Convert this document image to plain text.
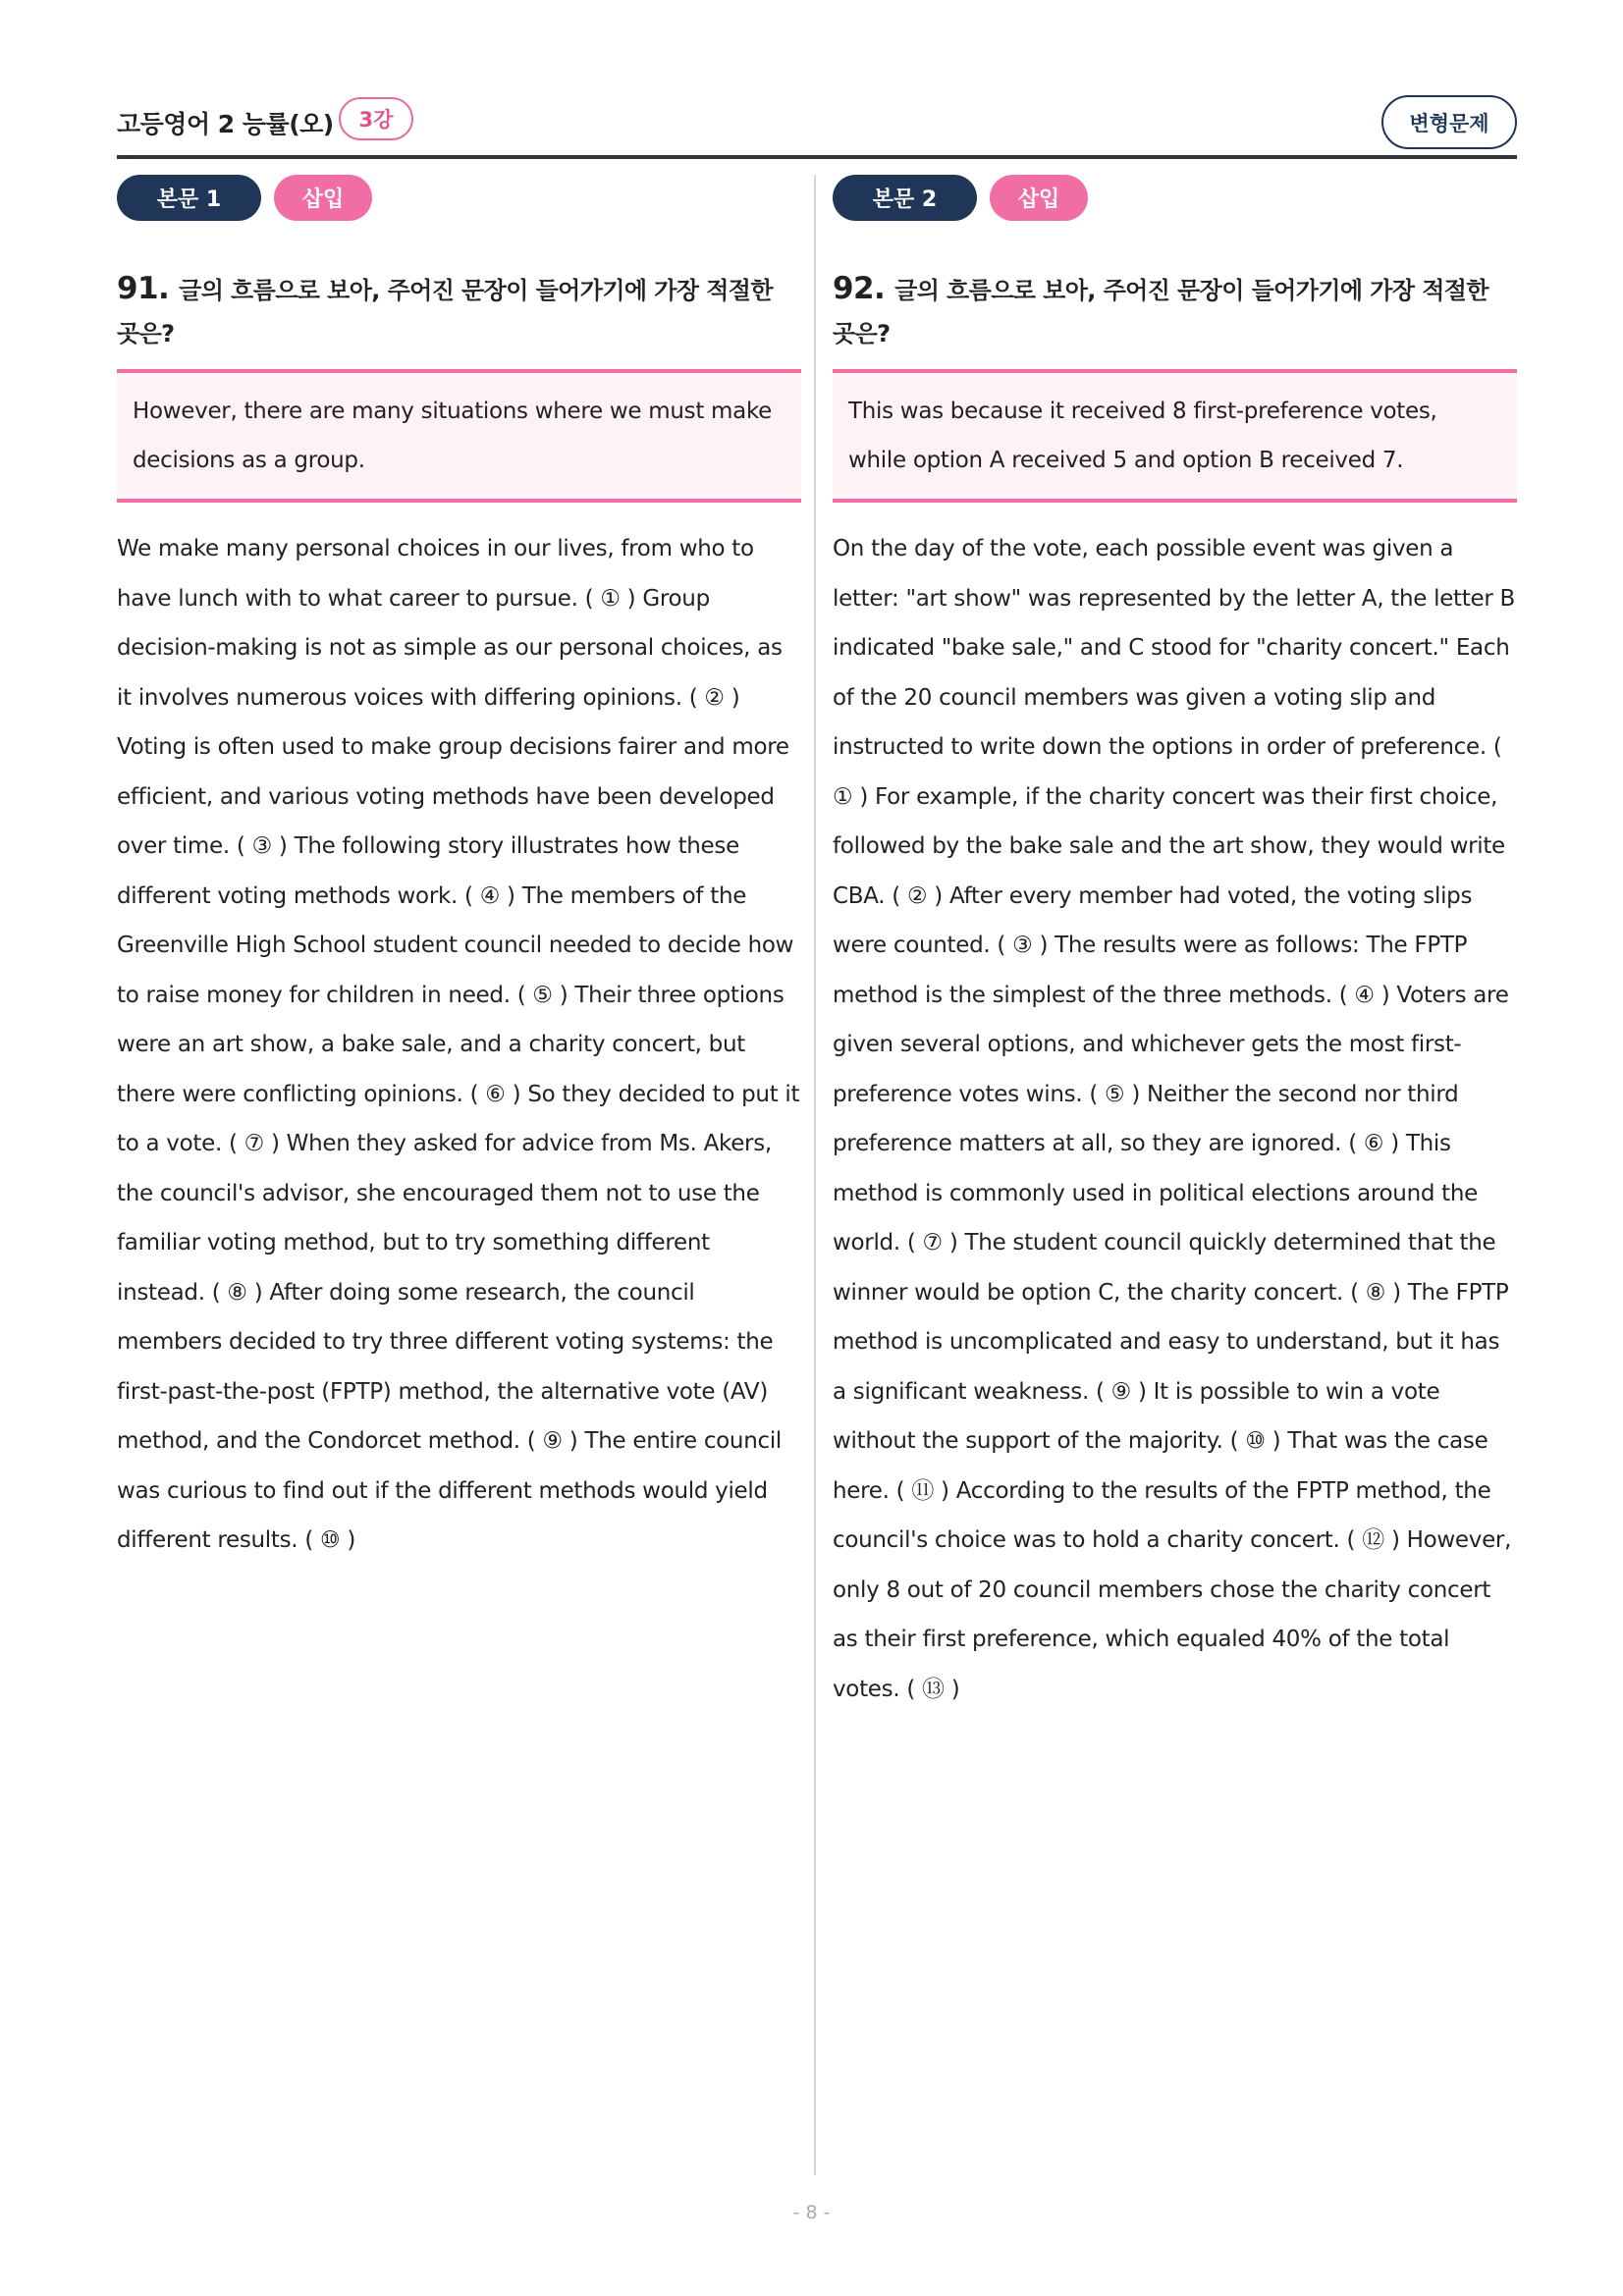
고등영어 2 능률(오)	3강	변형문제
본문 1	삽입
91. 글의 흐름으로 보아, 주어진 문장이 들어가기에 가장 적절한 곳은?
However, there are many situations where we must make decisions as a group.
We make many personal choices in our lives, from who to have lunch with to what career to pursue. ( ① ) Group decision-making is not as simple as our personal choices, as it involves numerous voices with differing opinions. ( ② ) Voting is often used to make group decisions fairer and more efficient, and various voting methods have been developed over time. ( ③ ) The following story illustrates how these different voting methods work. ( ④ ) The members of the Greenville High School student council needed to decide how to raise money for children in need. ( ⑤ ) Their three options were an art show, a bake sale, and a charity concert, but there were conflicting opinions. ( ⑥ ) So they decided to put it to a vote. ( ⑦ ) When they asked for advice from Ms. Akers, the council's advisor, she encouraged them not to use the familiar voting method, but to try something different instead. ( ⑧ ) After doing some research, the council members decided to try three different voting systems: the first-past-the-post (FPTP) method, the alternative vote (AV) method, and the Condorcet method. ( ⑨ ) The entire council was curious to find out if the different methods would yield different results. ( ⑩ )
본문 2	삽입
92. 글의 흐름으로 보아, 주어진 문장이 들어가기에 가장 적절한 곳은?
This was because it received 8 first-preference votes, while option A received 5 and option B received 7.
On the day of the vote, each possible event was given a letter: "art show" was represented by the letter A, the letter B indicated "bake sale," and C stood for "charity concert." Each of the 20 council members was given a voting slip and instructed to write down the options in order of preference. ( ① ) For example, if the charity concert was their first choice, followed by the bake sale and the art show, they would write CBA. ( ② ) After every member had voted, the voting slips were counted. ( ③ ) The results were as follows: The FPTP method is the simplest of the three methods. ( ④ ) Voters are given several options, and whichever gets the most first-preference votes wins. ( ⑤ ) Neither the second nor third preference matters at all, so they are ignored. ( ⑥ ) This method is commonly used in political elections around the world. ( ⑦ ) The student council quickly determined that the winner would be option C, the charity concert. ( ⑧ ) The FPTP method is uncomplicated and easy to understand, but it has a significant weakness. ( ⑨ ) It is possible to win a vote without the support of the majority. ( ⑩ ) That was the case here. ( ⑪ ) According to the results of the FPTP method, the council's choice was to hold a charity concert. ( ⑫ ) However, only 8 out of 20 council members chose the charity concert as their first preference, which equaled 40% of the total votes. ( ⑬ )
- 8 -
